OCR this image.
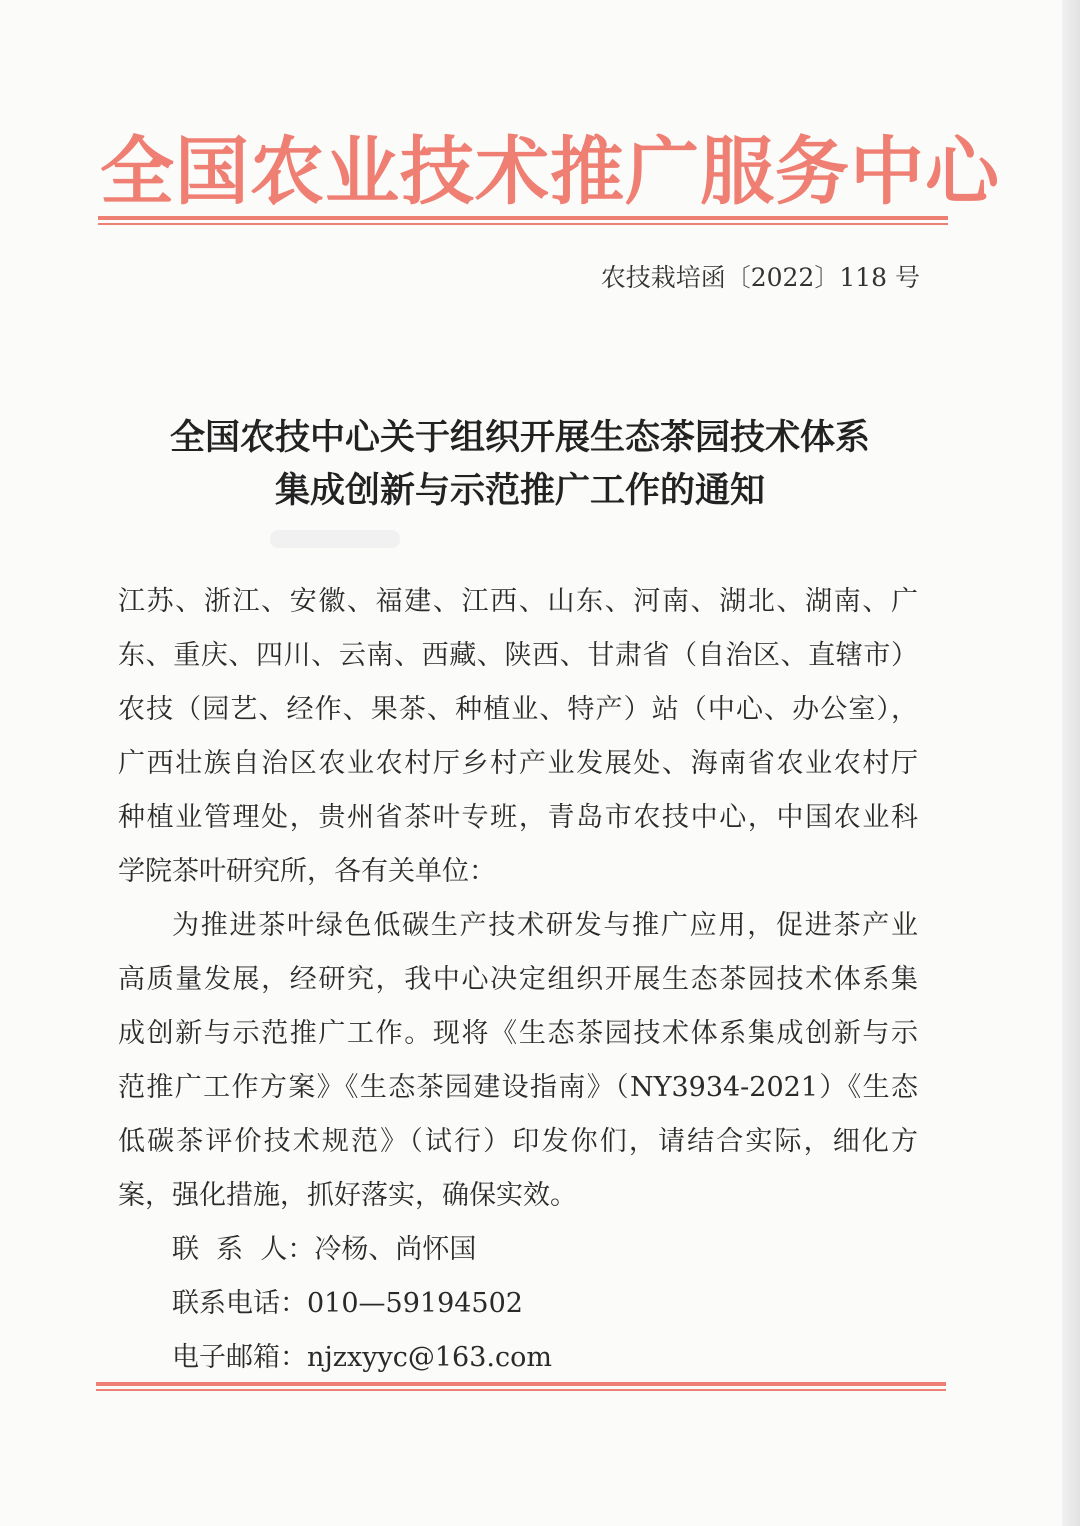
全国农业技术推广服务中心
农技栽培函〔2022〕118 号
全国农技中心关于组织开展生态茶园技术体系
集成创新与示范推广工作的通知
江苏、浙江、安徽、福建、江西、山东、河南、湖北、湖南、广
东、重庆、四川、云南、西藏、陕西、甘肃省（自治区、直辖市）
农技（园艺、经作、果茶、种植业、特产）站（中心、办公室），
广西壮族自治区农业农村厅乡村产业发展处、海南省农业农村厅
种植业管理处，贵州省茶叶专班，青岛市农技中心，中国农业科
学院茶叶研究所，各有关单位：
为推进茶叶绿色低碳生产技术研发与推广应用，促进茶产业
高质量发展，经研究，我中心决定组织开展生态茶园技术体系集
成创新与示范推广工作。现将《生态茶园技术体系集成创新与示
范推广工作方案》《生态茶园建设指南》（NY3934-2021）《生态
低碳茶评价技术规范》（试行）印发你们，请结合实际，细化方
案，强化措施，抓好落实，确保实效。
联  系  人：冷杨、尚怀国
联系电话：010—59194502
电子邮箱：njzxyyc@163.com
